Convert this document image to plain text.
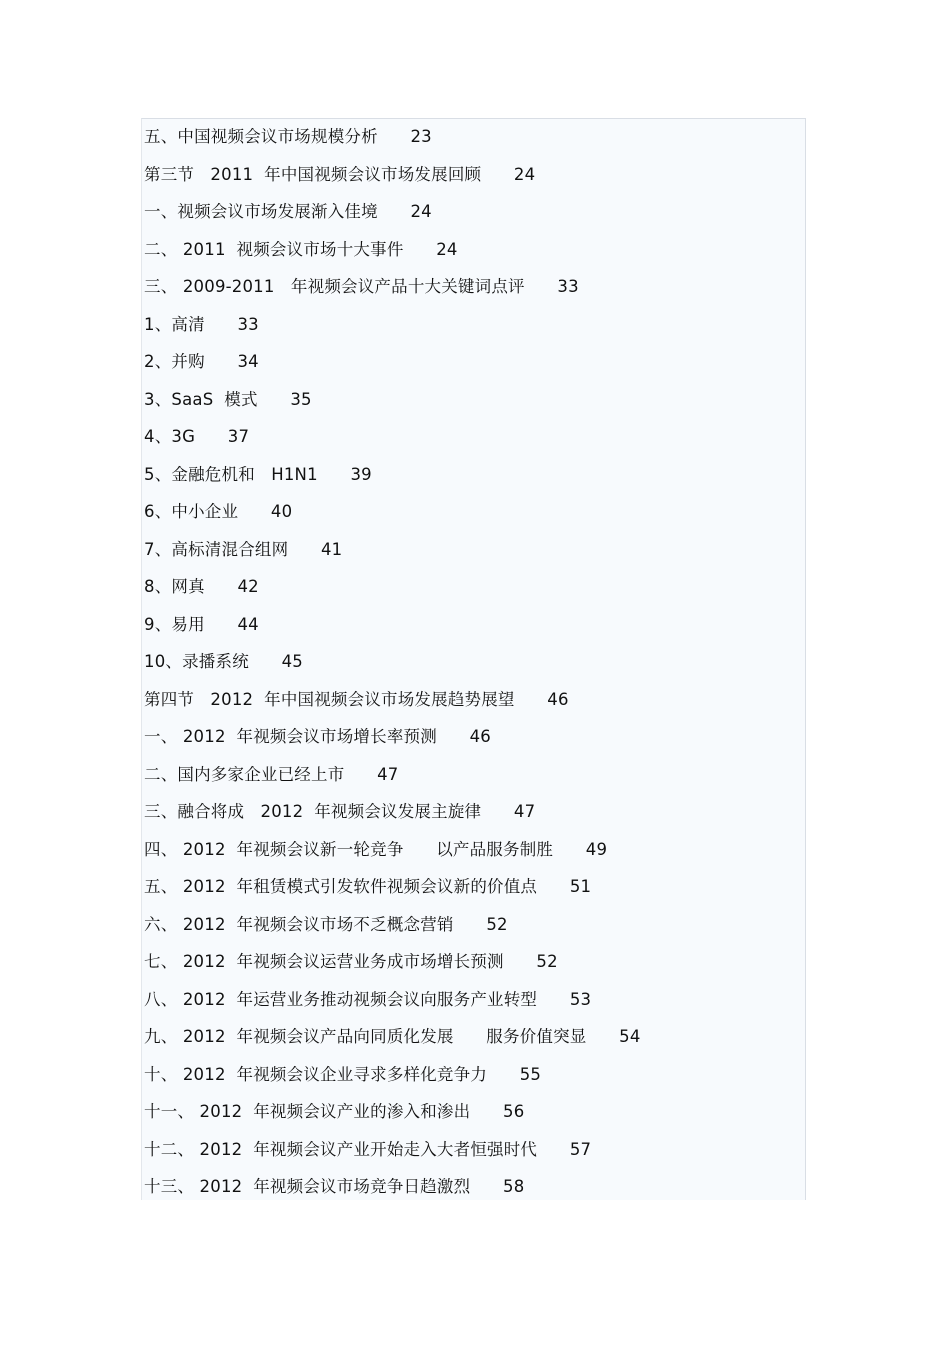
五、中国视频会议市场规模分析 23
第三节   2011  年中国视频会议市场发展回顾 24
一、视频会议市场发展渐入佳境 24
二、 2011  视频会议市场十大事件 24
三、 2009-2011   年视频会议产品十大关键词点评 33
1、高清 33
2、并购 34
3、SaaS  模式 35
4、3G 37
5、金融危机和   H1N1 39
6、中小企业 40
7、高标清混合组网 41
8、网真 42
9、易用 44
10、录播系统 45
第四节   2012  年中国视频会议市场发展趋势展望 46
一、 2012  年视频会议市场增长率预测 46
二、国内多家企业已经上市 47
三、融合将成   2012  年视频会议发展主旋律 47
四、 2012  年视频会议新一轮竞争      以产品服务制胜 49
五、 2012  年租赁模式引发软件视频会议新的价值点 51
六、 2012  年视频会议市场不乏概念营销 52
七、 2012  年视频会议运营业务成市场增长预测 52
八、 2012  年运营业务推动视频会议向服务产业转型 53
九、 2012  年视频会议产品向同质化发展      服务价值突显 54
十、 2012  年视频会议企业寻求多样化竞争力 55
十一、 2012  年视频会议产业的渗入和渗出 56
十二、 2012  年视频会议产业开始走入大者恒强时代 57
十三、 2012  年视频会议市场竞争日趋激烈 58
